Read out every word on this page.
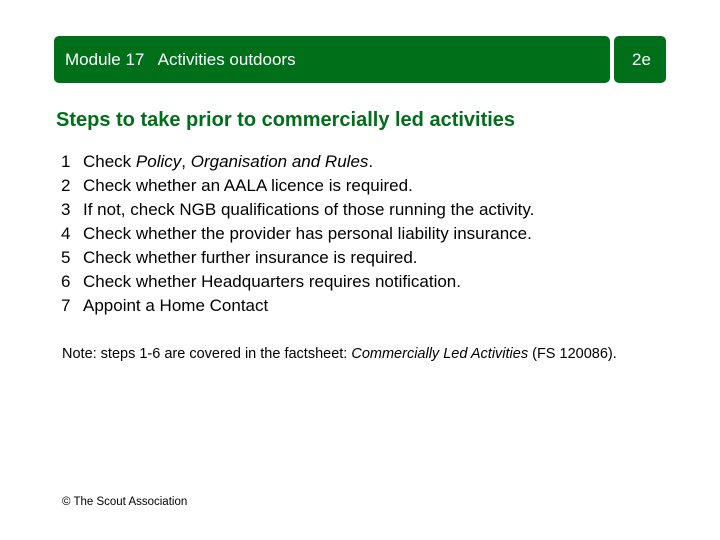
Module 17   Activities outdoors	2e
Steps to take prior to commercially led activities
1 Check Policy, Organisation and Rules.
2 Check whether an AALA licence is required.
3 If not, check NGB qualifications of those running the activity.
4 Check whether the provider has personal liability insurance.
5 Check whether further insurance is required.
6 Check whether Headquarters requires notification.
7 Appoint a Home Contact
Note: steps 1-6 are covered in the factsheet: Commercially Led Activities (FS 120086).
© The Scout Association
